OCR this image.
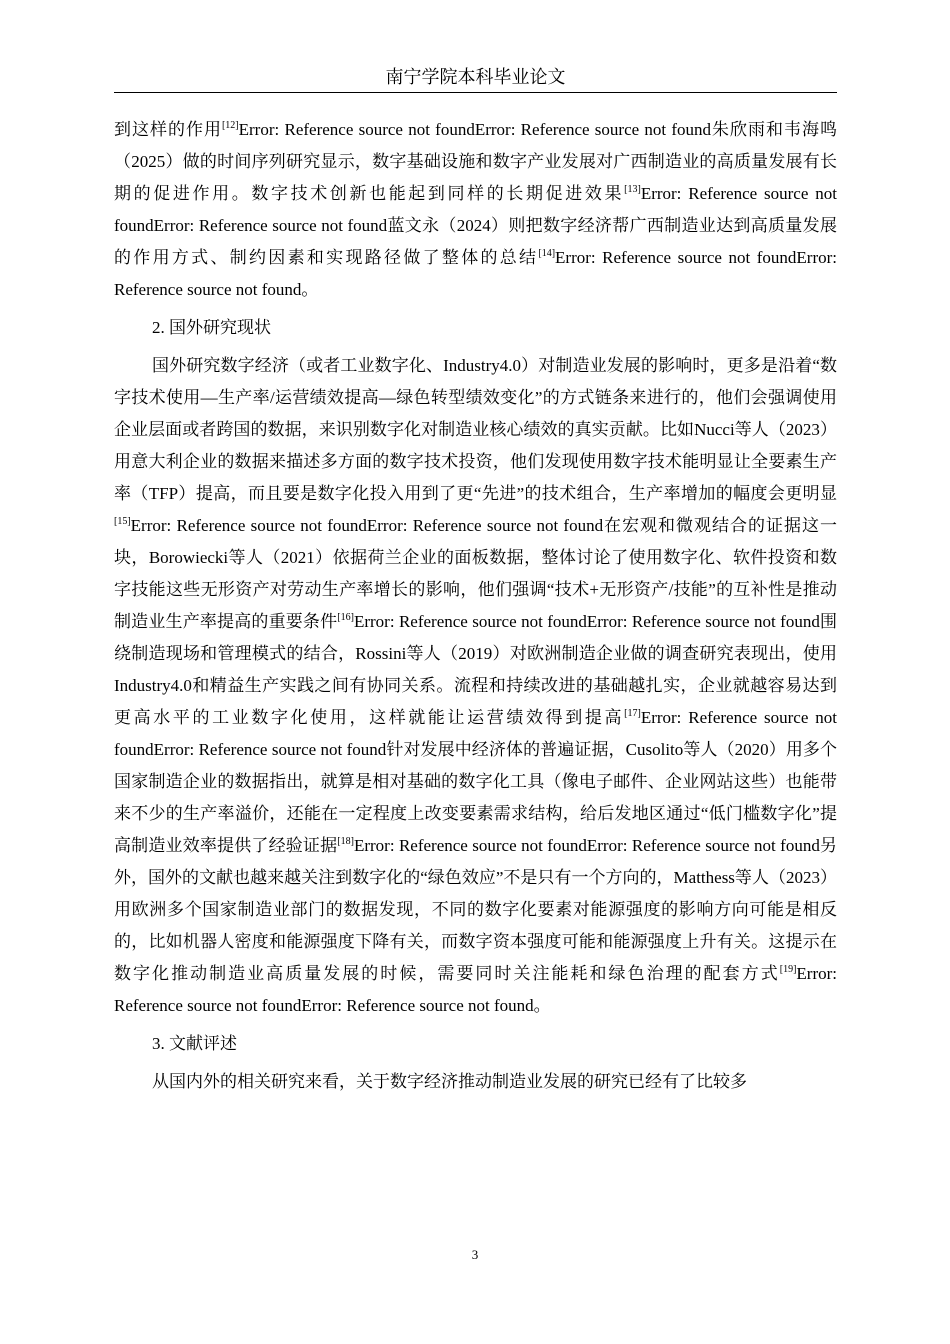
南宁学院本科毕业论文

到这样的作用[12]Error: Reference source not foundError: Reference source not found朱欣雨和韦海鸣（2025）做的时间序列研究显示，数字基础设施和数字产业发展对广西制造业的高质量发展有长期的促进作用。数字技术创新也能起到同样的长期促进效果[13]Error: Reference source not foundError: Reference source not found蓝文永（2024）则把数字经济帮广西制造业达到高质量发展的作用方式、制约因素和实现路径做了整体的总结[14]Error: Reference source not foundError: Reference source not found。

2. 国外研究现状

国外研究数字经济（或者工业数字化、Industry4.0）对制造业发展的影响时，更多是沿着“数字技术使用—生产率/运营绩效提高—绿色转型绩效变化”的方式链条来进行的，他们会强调使用企业层面或者跨国的数据，来识别数字化对制造业核心绩效的真实贡献。比如Nucci等人（2023）用意大利企业的数据来描述多方面的数字技术投资，他们发现使用数字技术能明显让全要素生产率（TFP）提高，而且要是数字化投入用到了更“先进”的技术组合，生产率增加的幅度会更明显[15]Error: Reference source not foundError: Reference source not found在宏观和微观结合的证据这一块，Borowiecki等人（2021）依据荷兰企业的面板数据，整体讨论了使用数字化、软件投资和数字技能这些无形资产对劳动生产率增长的影响，他们强调“技术+无形资产/技能”的互补性是推动制造业生产率提高的重要条件[16]Error: Reference source not foundError: Reference source not found围绕制造现场和管理模式的结合，Rossini等人（2019）对欧洲制造企业做的调查研究表现出，使用Industry4.0和精益生产实践之间有协同关系。流程和持续改进的基础越扎实，企业就越容易达到更高水平的工业数字化使用，这样就能让运营绩效得到提高[17]Error: Reference source not foundError: Reference source not found针对发展中经济体的普遍证据，Cusolito等人（2020）用多个国家制造企业的数据指出，就算是相对基础的数字化工具（像电子邮件、企业网站这些）也能带来不少的生产率溢价，还能在一定程度上改变要素需求结构，给后发地区通过“低门槛数字化”提高制造业效率提供了经验证据[18]Error: Reference source not foundError: Reference source not found另外，国外的文献也越来越关注到数字化的“绿色效应”不是只有一个方向的，Matthess等人（2023）用欧洲多个国家制造业部门的数据发现，不同的数字化要素对能源强度的影响方向可能是相反的，比如机器人密度和能源强度下降有关，而数字资本强度可能和能源强度上升有关。这提示在数字化推动制造业高质量发展的时候，需要同时关注能耗和绿色治理的配套方式[19]Error: Reference source not foundError: Reference source not found。

3. 文献评述

从国内外的相关研究来看，关于数字经济推动制造业发展的研究已经有了比较多

3
